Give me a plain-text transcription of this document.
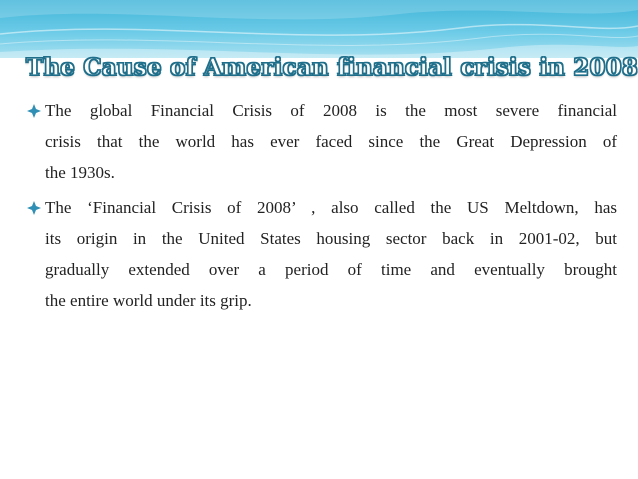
The Cause of American financial crisis in 2008
The global Financial Crisis of 2008 is the most severe financial
crisis that the world has ever faced since the Great Depression of
the 1930s.
The ‘Financial Crisis of 2008’ , also called the US Meltdown, has
its origin in the United States housing sector back in 2001-02, but
gradually extended over a period of time and eventually brought
the entire world under its grip.
